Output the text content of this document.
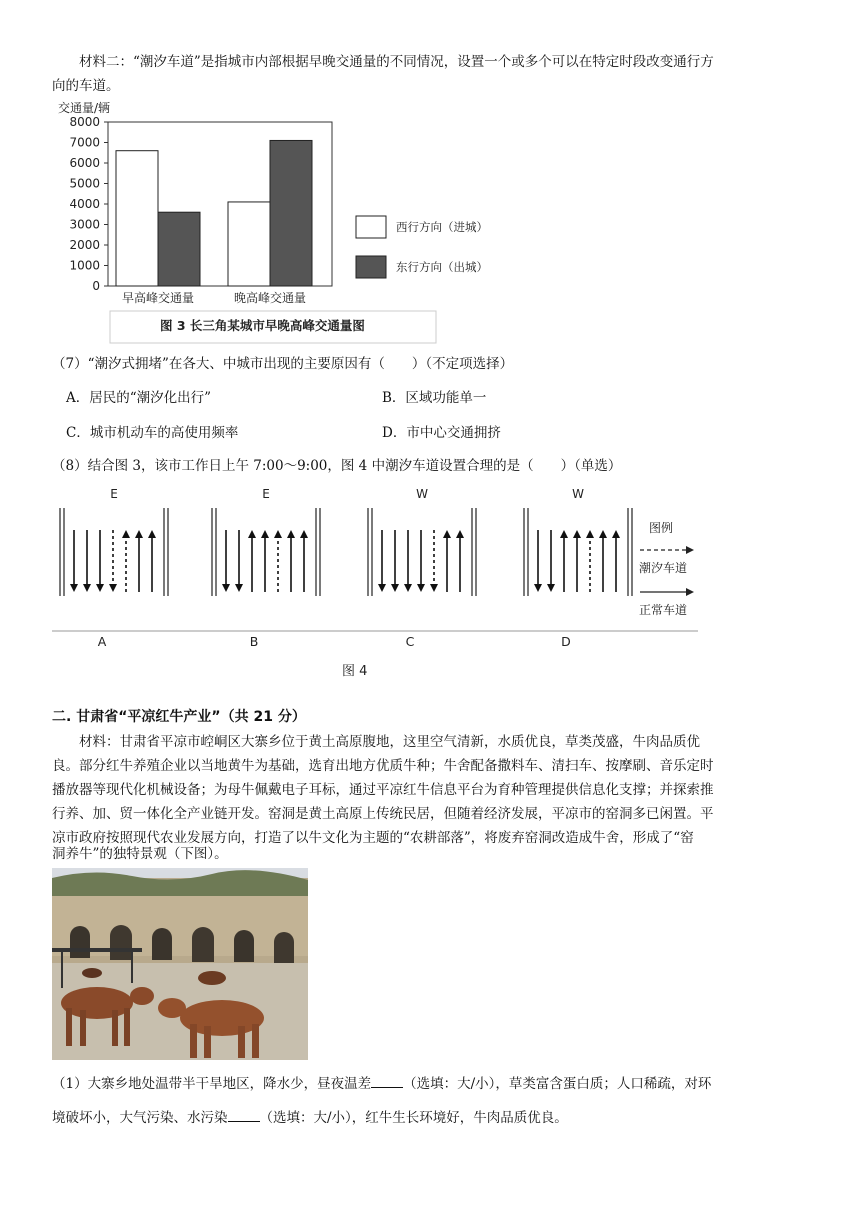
材料二：“潮汐车道”是指城市内部根据早晚交通量的不同情况，设置一个或多个可以在特定时段改变通行方
向的车道。
交通量/辆
0
1000
2000
3000
4000
5000
6000
7000
8000
早高峰交通量	晚高峰交通量
西行方向（进城）
东行方向（出城）
图 3 长三角某城市早晚高峰交通量图
（7）“潮汐式拥堵”在各大、中城市出现的主要原因有（　　）（不定项选择）
A．居民的“潮汐化出行”	B．区域功能单一
C．城市机动车的高使用频率	D．市中心交通拥挤
（8）结合图 3，该市工作日上午 7:00～9:00，图 4 中潮汐车道设置合理的是（　　）（单选）
E
A
E
B
W
C
W
D
图例
潮汐车道
正常车道
图 4
二. 甘肃省“平凉红牛产业”（共 21 分）
材料：甘肃省平凉市崆峒区大寨乡位于黄土高原腹地，这里空气清新，水质优良，草类茂盛，牛肉品质优
良。部分红牛养殖企业以当地黄牛为基础，选育出地方优质牛种；牛舍配备撒料车、清扫车、按摩刷、音乐定时
播放器等现代化机械设备；为母牛佩戴电子耳标，通过平凉红牛信息平台为育种管理提供信息化支撑；并探索推
行养、加、贸一体化全产业链开发。窑洞是黄土高原上传统民居，但随着经济发展，平凉市的窑洞多已闲置。平
凉市政府按照现代农业发展方向，打造了以牛文化为主题的“农耕部落”，将废弃窑洞改造成牛舍，形成了“窑
洞养牛”的独特景观（下图）。
（1）大寨乡地处温带半干旱地区，降水少，昼夜温差 （选填：大/小），草类富含蛋白质；人口稀疏，对环
境破坏小，大气污染、水污染 （选填：大/小），红牛生长环境好，牛肉品质优良。
